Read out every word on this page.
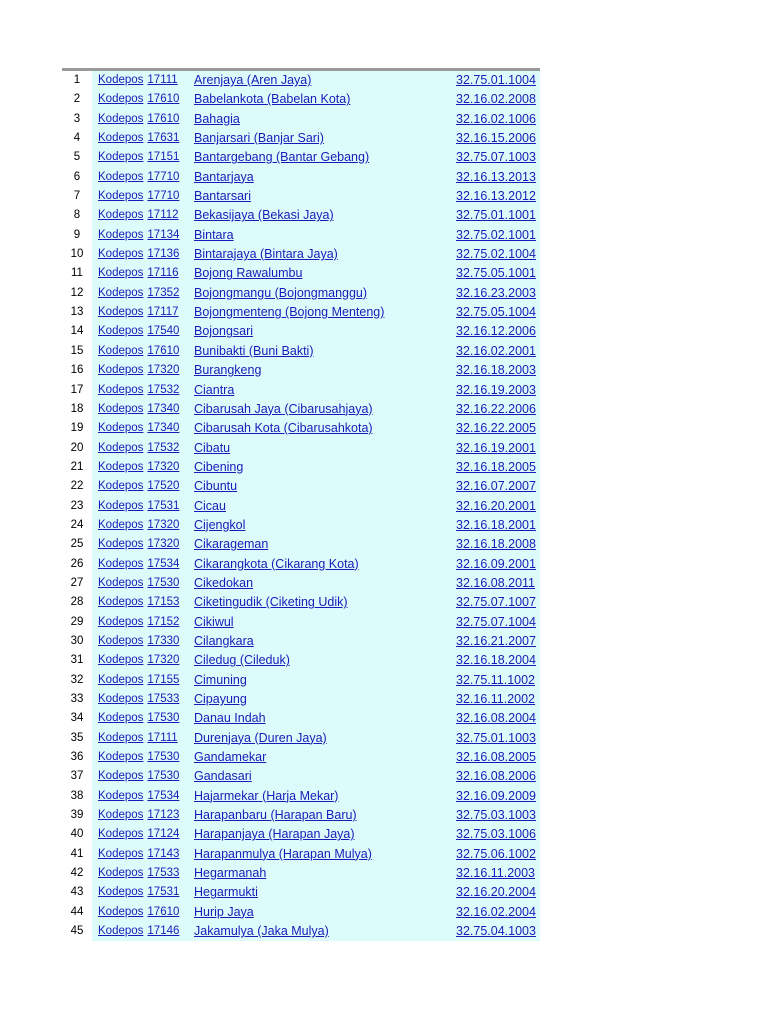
1	Kodepos 17111	Arenjaya (Aren Jaya)	32.75.01.1004
2	Kodepos 17610	Babelankota (Babelan Kota)	32.16.02.2008
3	Kodepos 17610	Bahagia	32.16.02.1006
4	Kodepos 17631	Banjarsari (Banjar Sari)	32.16.15.2006
5	Kodepos 17151	Bantargebang (Bantar Gebang)	32.75.07.1003
6	Kodepos 17710	Bantarjaya	32.16.13.2013
7	Kodepos 17710	Bantarsari	32.16.13.2012
8	Kodepos 17112	Bekasijaya (Bekasi Jaya)	32.75.01.1001
9	Kodepos 17134	Bintara	32.75.02.1001
10	Kodepos 17136	Bintarajaya (Bintara Jaya)	32.75.02.1004
11	Kodepos 17116	Bojong Rawalumbu	32.75.05.1001
12	Kodepos 17352	Bojongmangu (Bojongmanggu)	32.16.23.2003
13	Kodepos 17117	Bojongmenteng (Bojong Menteng)	32.75.05.1004
14	Kodepos 17540	Bojongsari	32.16.12.2006
15	Kodepos 17610	Bunibakti (Buni Bakti)	32.16.02.2001
16	Kodepos 17320	Burangkeng	32.16.18.2003
17	Kodepos 17532	Ciantra	32.16.19.2003
18	Kodepos 17340	Cibarusah Jaya (Cibarusahjaya)	32.16.22.2006
19	Kodepos 17340	Cibarusah Kota (Cibarusahkota)	32.16.22.2005
20	Kodepos 17532	Cibatu	32.16.19.2001
21	Kodepos 17320	Cibening	32.16.18.2005
22	Kodepos 17520	Cibuntu	32.16.07.2007
23	Kodepos 17531	Cicau	32.16.20.2001
24	Kodepos 17320	Cijengkol	32.16.18.2001
25	Kodepos 17320	Cikarageman	32.16.18.2008
26	Kodepos 17534	Cikarangkota (Cikarang Kota)	32.16.09.2001
27	Kodepos 17530	Cikedokan	32.16.08.2011
28	Kodepos 17153	Ciketingudik (Ciketing Udik)	32.75.07.1007
29	Kodepos 17152	Cikiwul	32.75.07.1004
30	Kodepos 17330	Cilangkara	32.16.21.2007
31	Kodepos 17320	Ciledug (Cileduk)	32.16.18.2004
32	Kodepos 17155	Cimuning	32.75.11.1002
33	Kodepos 17533	Cipayung	32.16.11.2002
34	Kodepos 17530	Danau Indah	32.16.08.2004
35	Kodepos 17111	Durenjaya (Duren Jaya)	32.75.01.1003
36	Kodepos 17530	Gandamekar	32.16.08.2005
37	Kodepos 17530	Gandasari	32.16.08.2006
38	Kodepos 17534	Hajarmekar (Harja Mekar)	32.16.09.2009
39	Kodepos 17123	Harapanbaru (Harapan Baru)	32.75.03.1003
40	Kodepos 17124	Harapanjaya (Harapan Jaya)	32.75.03.1006
41	Kodepos 17143	Harapanmulya (Harapan Mulya)	32.75.06.1002
42	Kodepos 17533	Hegarmanah	32.16.11.2003
43	Kodepos 17531	Hegarmukti	32.16.20.2004
44	Kodepos 17610	Hurip Jaya	32.16.02.2004
45	Kodepos 17146	Jakamulya (Jaka Mulya)	32.75.04.1003
